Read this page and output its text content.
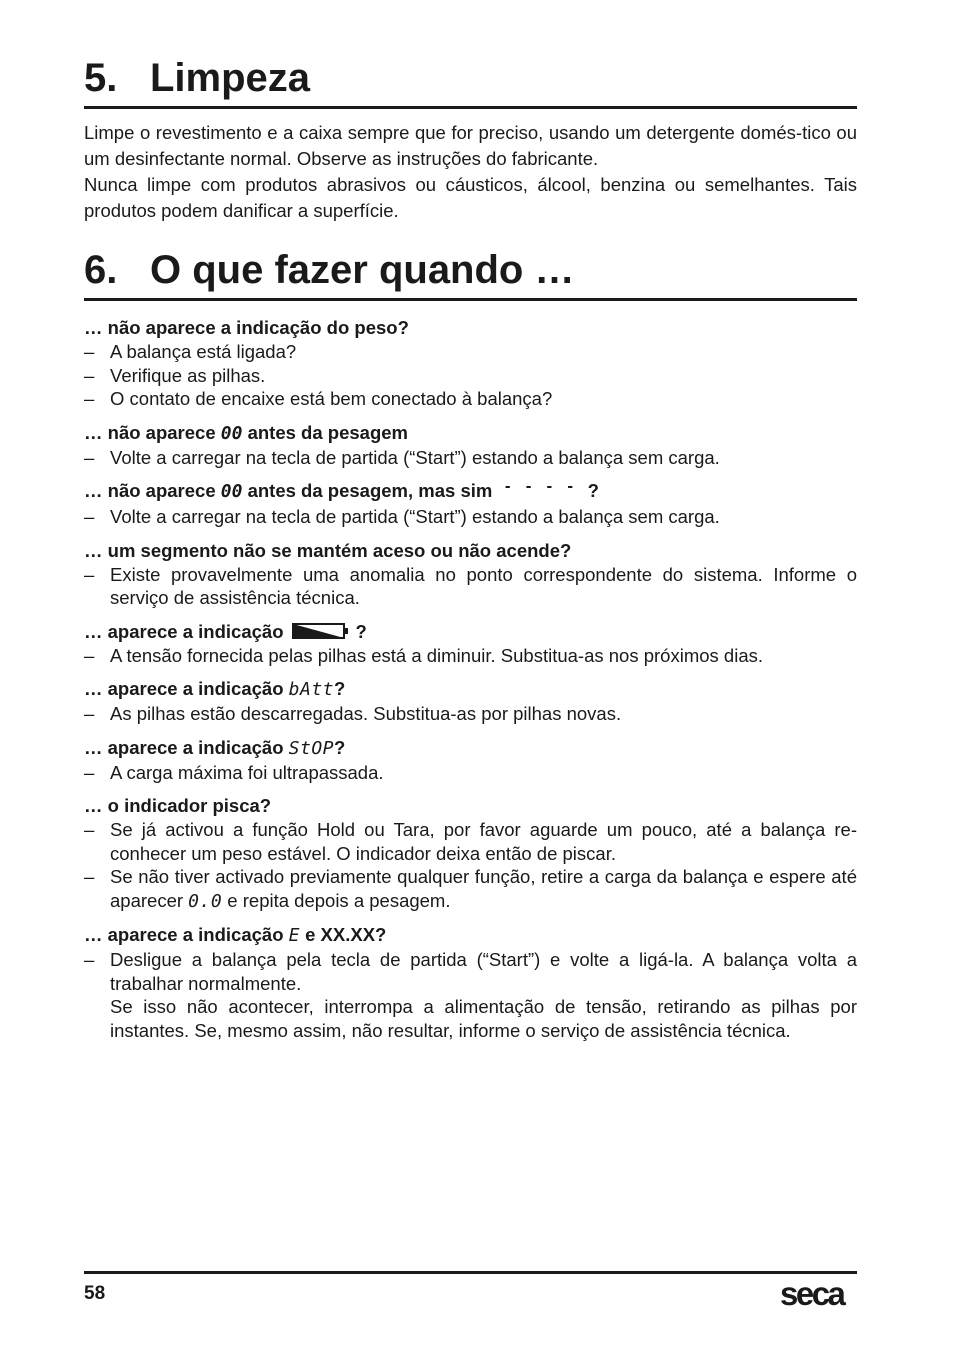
5. Limpeza
Limpe o revestimento e a caixa sempre que for preciso, usando um detergente domés-tico ou um desinfectante normal. Observe as instruções do fabricante.
Nunca limpe com produtos abrasivos ou cáusticos, álcool, benzina ou semelhantes. Tais produtos podem danificar a superfície.
6. O que fazer quando …
… não aparece a indicação do peso?
– A balança está ligada?
– Verifique as pilhas.
– O contato de encaixe está bem conectado à balança?
… não aparece 00 antes da pesagem
– Volte a carregar na tecla de partida (“Start”) estando a balança sem carga.
… não aparece 00 antes da pesagem, mas sim - - - - ?
– Volte a carregar na tecla de partida (“Start”) estando a balança sem carga.
… um segmento não se mantém aceso ou não acende?
– Existe provavelmente uma anomalia no ponto correspondente do sistema. Informe o serviço de assistência técnica.
… aparece a indicação	?
– A tensão fornecida pelas pilhas está a diminuir. Substitua-as nos próximos dias.
… aparece a indicação bAtt?
– As pilhas estão descarregadas. Substitua-as por pilhas novas.
… aparece a indicação StOP?
– A carga máxima foi ultrapassada.
… o indicador pisca?
– Se já activou a função Hold ou Tara, por favor aguarde um pouco, até a balança re-conhecer um peso estável. O indicador deixa então de piscar.
– Se não tiver activado previamente qualquer função, retire a carga da balança e espere até aparecer 0.0 e repita depois a pesagem.
… aparece a indicação E e XX.XX?
– Desligue a balança pela tecla de partida (“Start”) e volte a ligá-la. A balança volta a trabalhar normalmente.
Se isso não acontecer, interrompa a alimentação de tensão, retirando as pilhas por instantes. Se, mesmo assim, não resultar, informe o serviço de assistência técnica.
58	seca
